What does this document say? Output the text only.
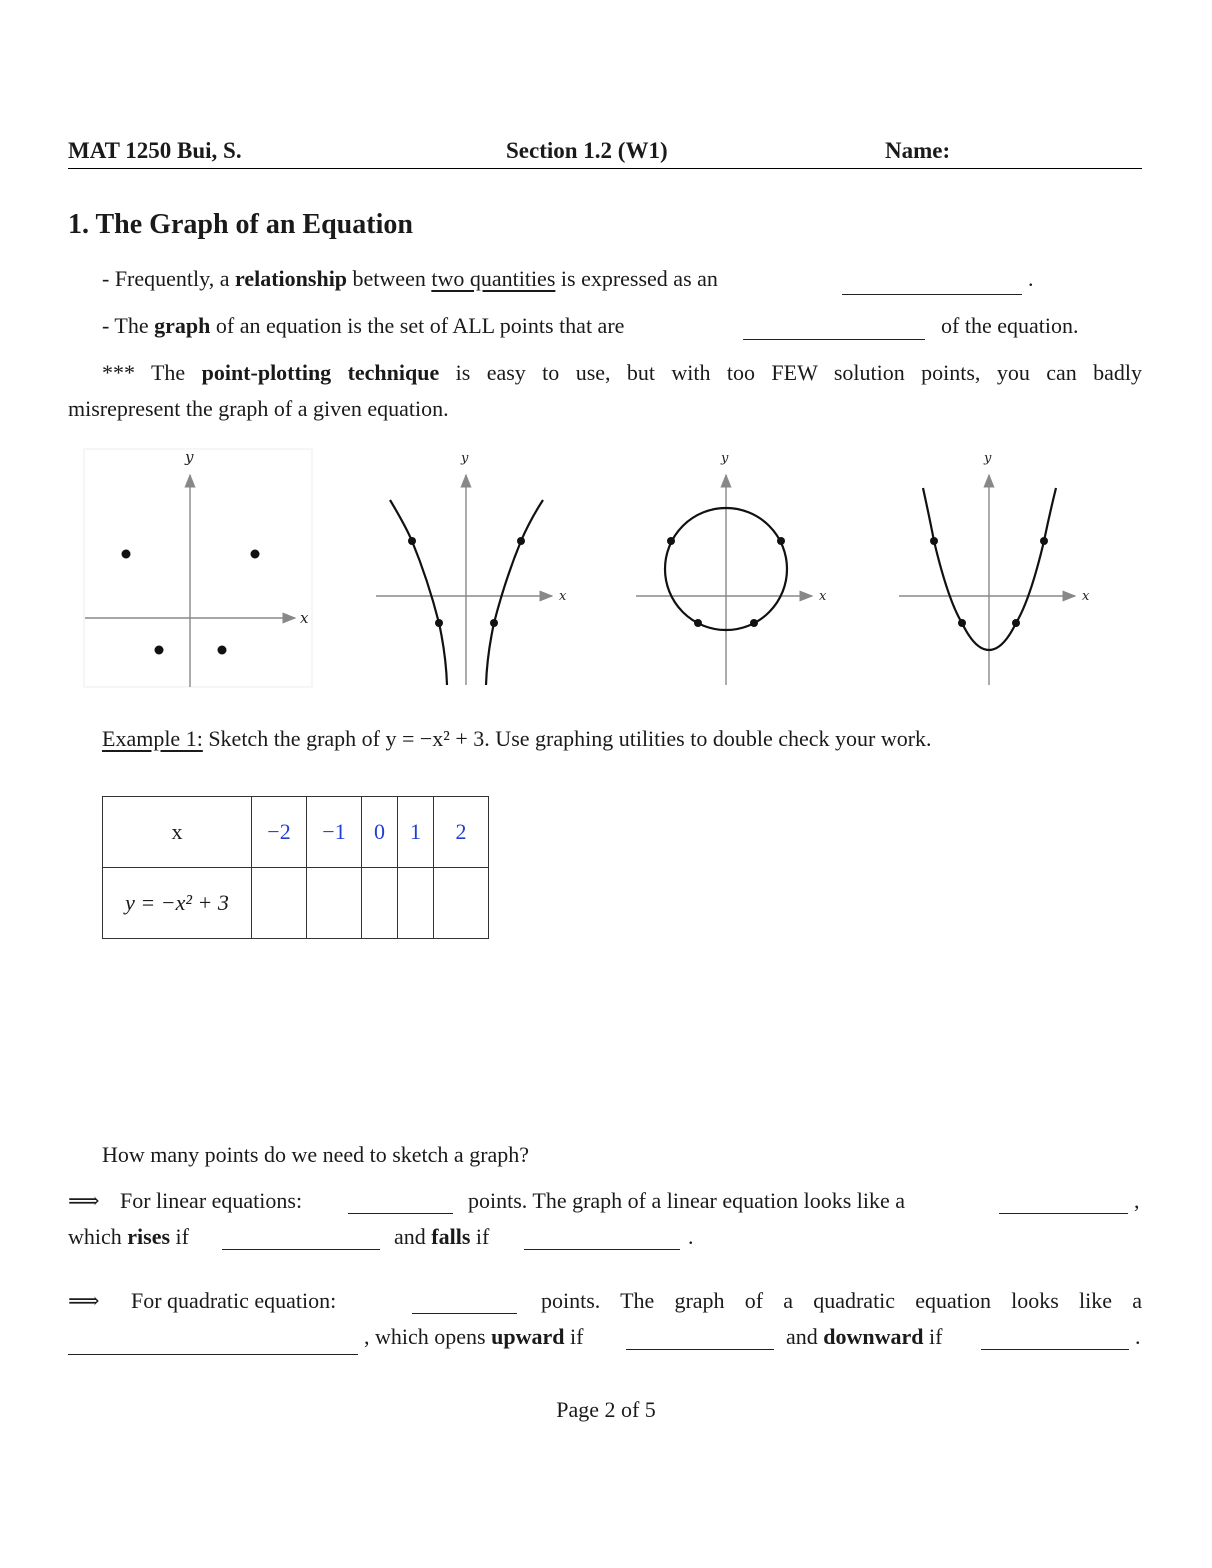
MAT 1250 Bui, S.	Section 1.2 (W1)	Name:
1. The Graph of an Equation
- Frequently, a relationship between two quantities is expressed as an	.
- The graph of an equation is the set of ALL points that are	of the equation.
*** The point-plotting technique is easy to use, but with too FEW solution points, you can badly
misrepresent the graph of a given equation.
x
y
x
y
x
y
x
y
Example 1: Sketch the graph of y = −x² + 3. Use graphing utilities to double check your work.
x	−2	−1	0	1	2
y = −x² + 3					
How many points do we need to sketch a graph?
⟹ For linear equations:	points. The graph of a linear equation looks like a	,
which rises if	and falls if	.
⟹ For quadratic equation:	points. The graph of a quadratic equation looks like a
, which opens upward if	and downward if	.
Page 2 of 5
